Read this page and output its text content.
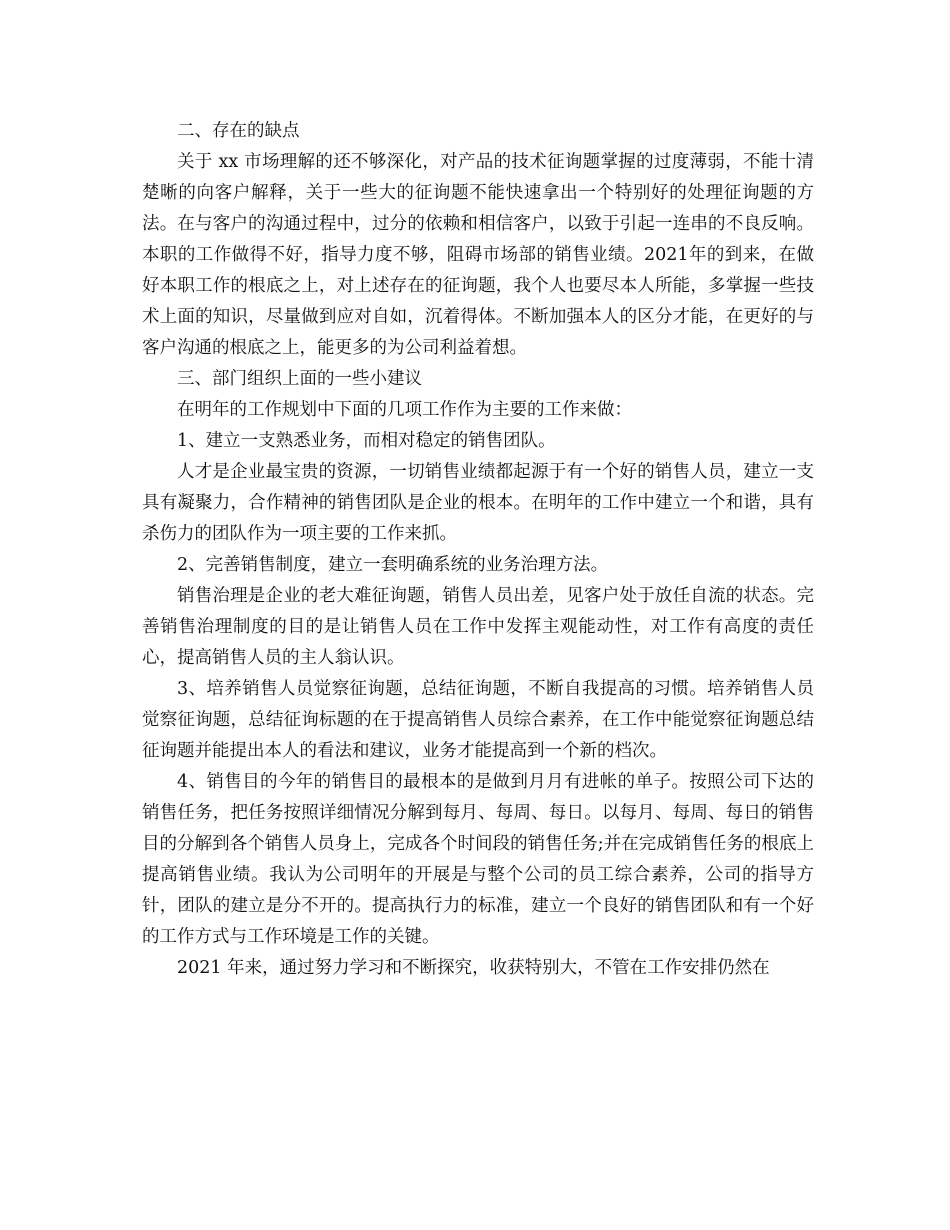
二、存在的缺点

关于 xx 市场理解的还不够深化，对产品的技术征询题掌握的过度薄弱，不能十清楚晰的向客户解释，关于一些大的征询题不能快速拿出一个特别好的处理征询题的方法。在与客户的沟通过程中，过分的依赖和相信客户，以致于引起一连串的不良反响。本职的工作做得不好，指导力度不够，阻碍市场部的销售业绩。2021年的到来，在做好本职工作的根底之上，对上述存在的征询题，我个人也要尽本人所能，多掌握一些技术上面的知识，尽量做到应对自如，沉着得体。不断加强本人的区分才能，在更好的与客户沟通的根底之上，能更多的为公司利益着想。

三、部门组织上面的一些小建议

在明年的工作规划中下面的几项工作作为主要的工作来做：

1、建立一支熟悉业务，而相对稳定的销售团队。

人才是企业最宝贵的资源，一切销售业绩都起源于有一个好的销售人员，建立一支具有凝聚力，合作精神的销售团队是企业的根本。在明年的工作中建立一个和谐，具有杀伤力的团队作为一项主要的工作来抓。

2、完善销售制度，建立一套明确系统的业务治理方法。

销售治理是企业的老大难征询题，销售人员出差，见客户处于放任自流的状态。完善销售治理制度的目的是让销售人员在工作中发挥主观能动性，对工作有高度的责任心，提高销售人员的主人翁认识。

3、培养销售人员觉察征询题，总结征询题，不断自我提高的习惯。培养销售人员觉察征询题，总结征询标题的在于提高销售人员综合素养，在工作中能觉察征询题总结征询题并能提出本人的看法和建议，业务才能提高到一个新的档次。

4、销售目的今年的销售目的最根本的是做到月月有进帐的单子。按照公司下达的销售任务，把任务按照详细情况分解到每月、每周、每日。以每月、每周、每日的销售目的分解到各个销售人员身上，完成各个时间段的销售任务;并在完成销售任务的根底上提高销售业绩。我认为公司明年的开展是与整个公司的员工综合素养，公司的指导方针，团队的建立是分不开的。提高执行力的标准，建立一个良好的销售团队和有一个好的工作方式与工作环境是工作的关键。

2021 年来，通过努力学习和不断探究，收获特别大，不管在工作安排仍然在
